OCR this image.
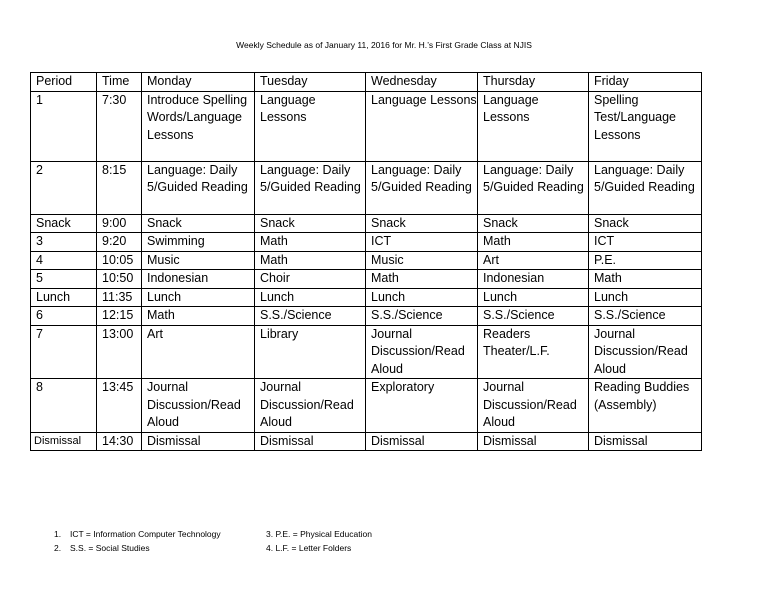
Weekly Schedule as of January 11, 2016 for Mr. H.’s First Grade Class at NJIS
Period	Time	Monday	Tuesday	Wednesday	Thursday	Friday
1	7:30	Introduce Spelling Words/Language Lessons	Language Lessons	Language Lessons	Language Lessons	Spelling Test/Language Lessons
2	8:15	Language: Daily 5/Guided Reading	Language: Daily 5/Guided Reading	Language: Daily 5/Guided Reading	Language: Daily 5/Guided Reading	Language: Daily 5/Guided Reading
Snack	9:00	Snack	Snack	Snack	Snack	Snack
3	9:20	Swimming	Math	ICT	Math	ICT
4	10:05	Music	Math	Music	Art	P.E.
5	10:50	Indonesian	Choir	Math	Indonesian	Math
Lunch	11:35	Lunch	Lunch	Lunch	Lunch	Lunch
6	12:15	Math	S.S./Science	S.S./Science	S.S./Science	S.S./Science
7	13:00	Art	Library	Journal Discussion/Read Aloud	Readers Theater/L.F.	Journal Discussion/Read Aloud
8	13:45	Journal Discussion/Read Aloud	Journal Discussion/Read Aloud	Exploratory	Journal Discussion/Read Aloud	Reading Buddies (Assembly)
Dismissal	14:30	Dismissal	Dismissal	Dismissal	Dismissal	Dismissal
1.	ICT = Information Computer Technology
2.	S.S. = Social Studies
3. P.E. = Physical Education
4. L.F. = Letter Folders
